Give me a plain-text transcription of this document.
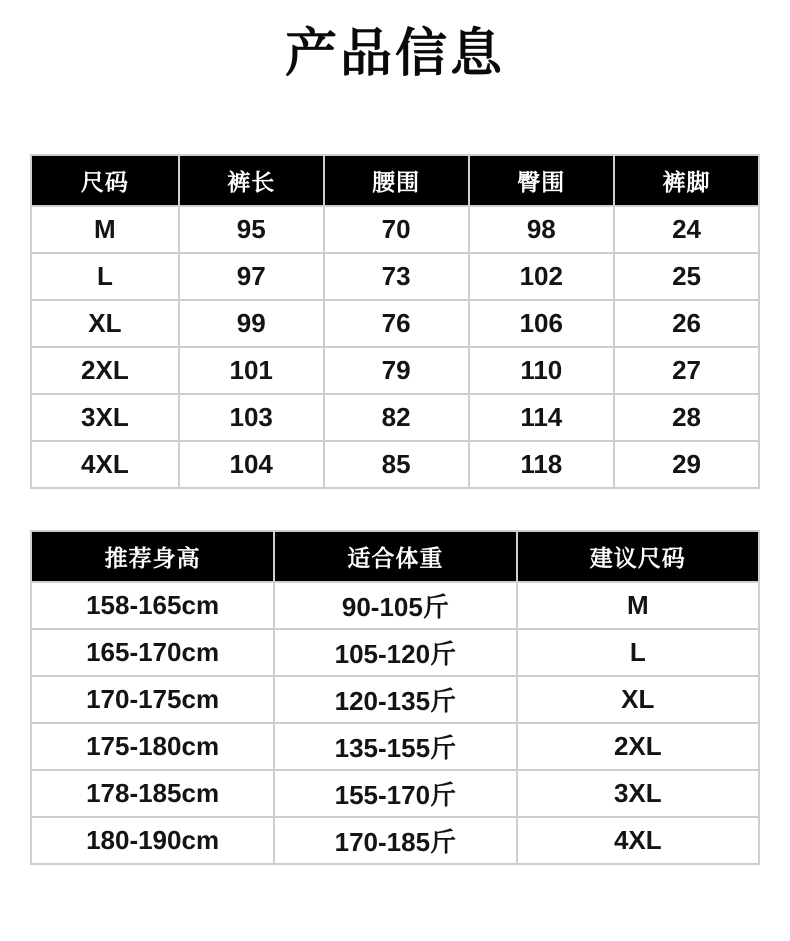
产品信息
尺码	裤长	腰围	臀围	裤脚
M	95	70	98	24
L	97	73	102	25
XL	99	76	106	26
2XL	101	79	110	27
3XL	103	82	114	28
4XL	104	85	118	29
推荐身高	适合体重	建议尺码
158-165cm	90-105斤	M
165-170cm	105-120斤	L
170-175cm	120-135斤	XL
175-180cm	135-155斤	2XL
178-185cm	155-170斤	3XL
180-190cm	170-185斤	4XL
